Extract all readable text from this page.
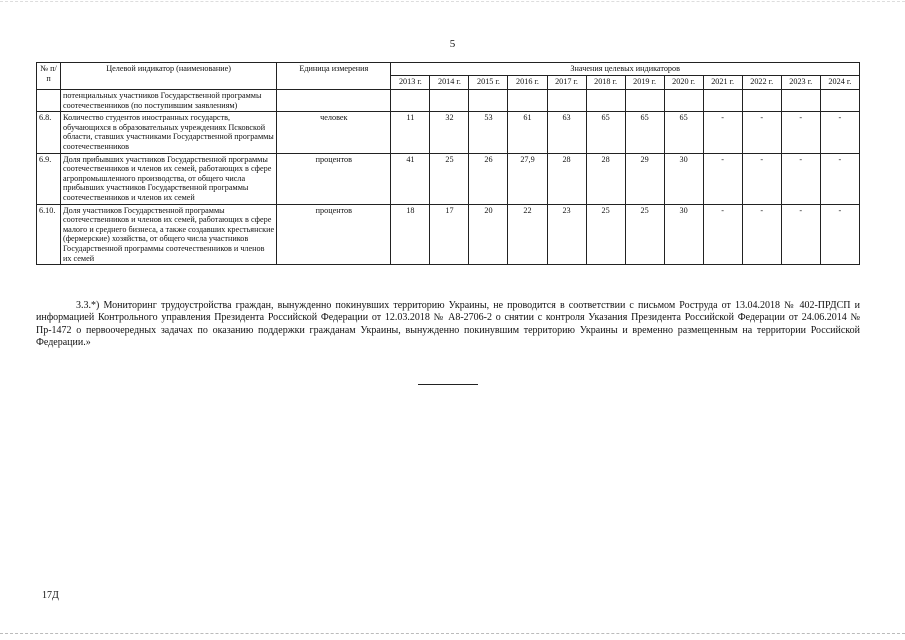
5
№ п/п	Целевой индикатор (наименование)	Единица измерения	Значения целевых индикаторов											
			2013 г.	2014 г.	2015 г.	2016 г.	2017 г.	2018 г.	2019 г.	2020 г.	2021 г.	2022 г.	2023 г.	2024 г.
	потенциальных участников Государственной программы соотечественников (по поступившим заявлениям)													
6.8.	Количество студентов иностранных государств, обучающихся в образовательных учреждениях Псковской области, ставших участниками Государственной программы соотечественников	человек	11	32	53	61	63	65	65	65	-	-	-	-
6.9.	Доля прибывших участников Государственной программы соотечественников и членов их семей, работающих в сфере агропромышленного производства, от общего числа прибывших участников Государственной программы соотечественников и членов их семей	процентов	41	25	26	27,9	28	28	29	30	-	-	-	-
6.10.	Доля участников Государственной программы соотечественников и членов их семей, работающих в сфере малого и среднего бизнеса, а также создавших крестьянские (фермерские) хозяйства, от общего числа участников Государственной программы соотечественников и членов их семей	процентов	18	17	20	22	23	25	25	30	-	-	-	-

3.3.*) Мониторинг трудоустройства граждан, вынужденно покинувших территорию Украины, не проводится в соответствии с письмом Роструда от 13.04.2018 № 402-ПРДСП и информацией Контрольного управления Президента Российской Федерации от 12.03.2018 № А8-2706-2 о снятии с контроля Указания Президента Российской Федерации от 24.06.2014 № Пр-1472 о первоочередных задачах по оказанию поддержки гражданам Украины, вынужденно покинувшим территорию Украины и временно размещенным на территории Российской Федерации.»

17Д
